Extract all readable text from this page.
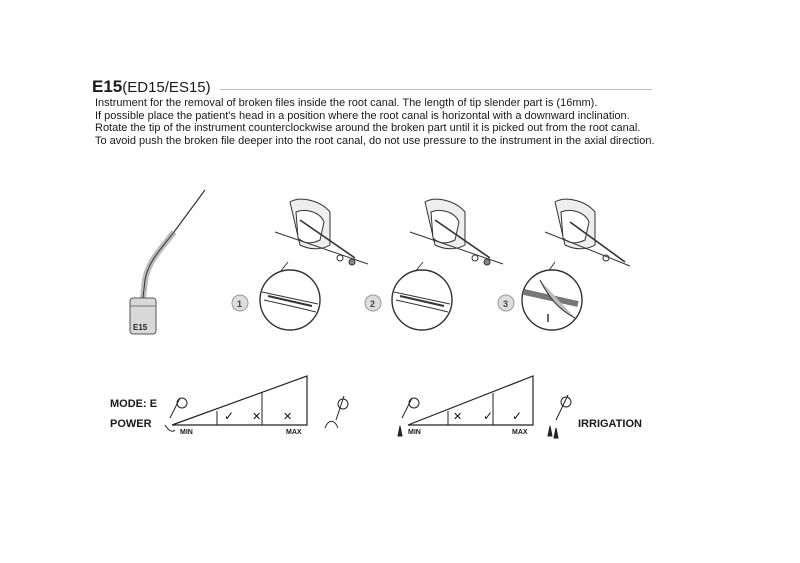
E15(ED15/ES15)

Instrument for the removal of broken files inside the root canal. The length of tip slender part is (16mm).

If possible place the patient's head in a position where the root canal is horizontal with a downward inclination. Rotate the tip of the instrument counterclockwise around the broken part until it is picked out from the root canal.

To avoid push the broken file deeper into the root canal, do not use pressure to the instrument in the axial direction.

E15
1	2	3
✓ ✕ ✕	✕ ✓ ✓
MODE: E
POWER
MIN	MAX	MIN	MAX
IRRIGATION
